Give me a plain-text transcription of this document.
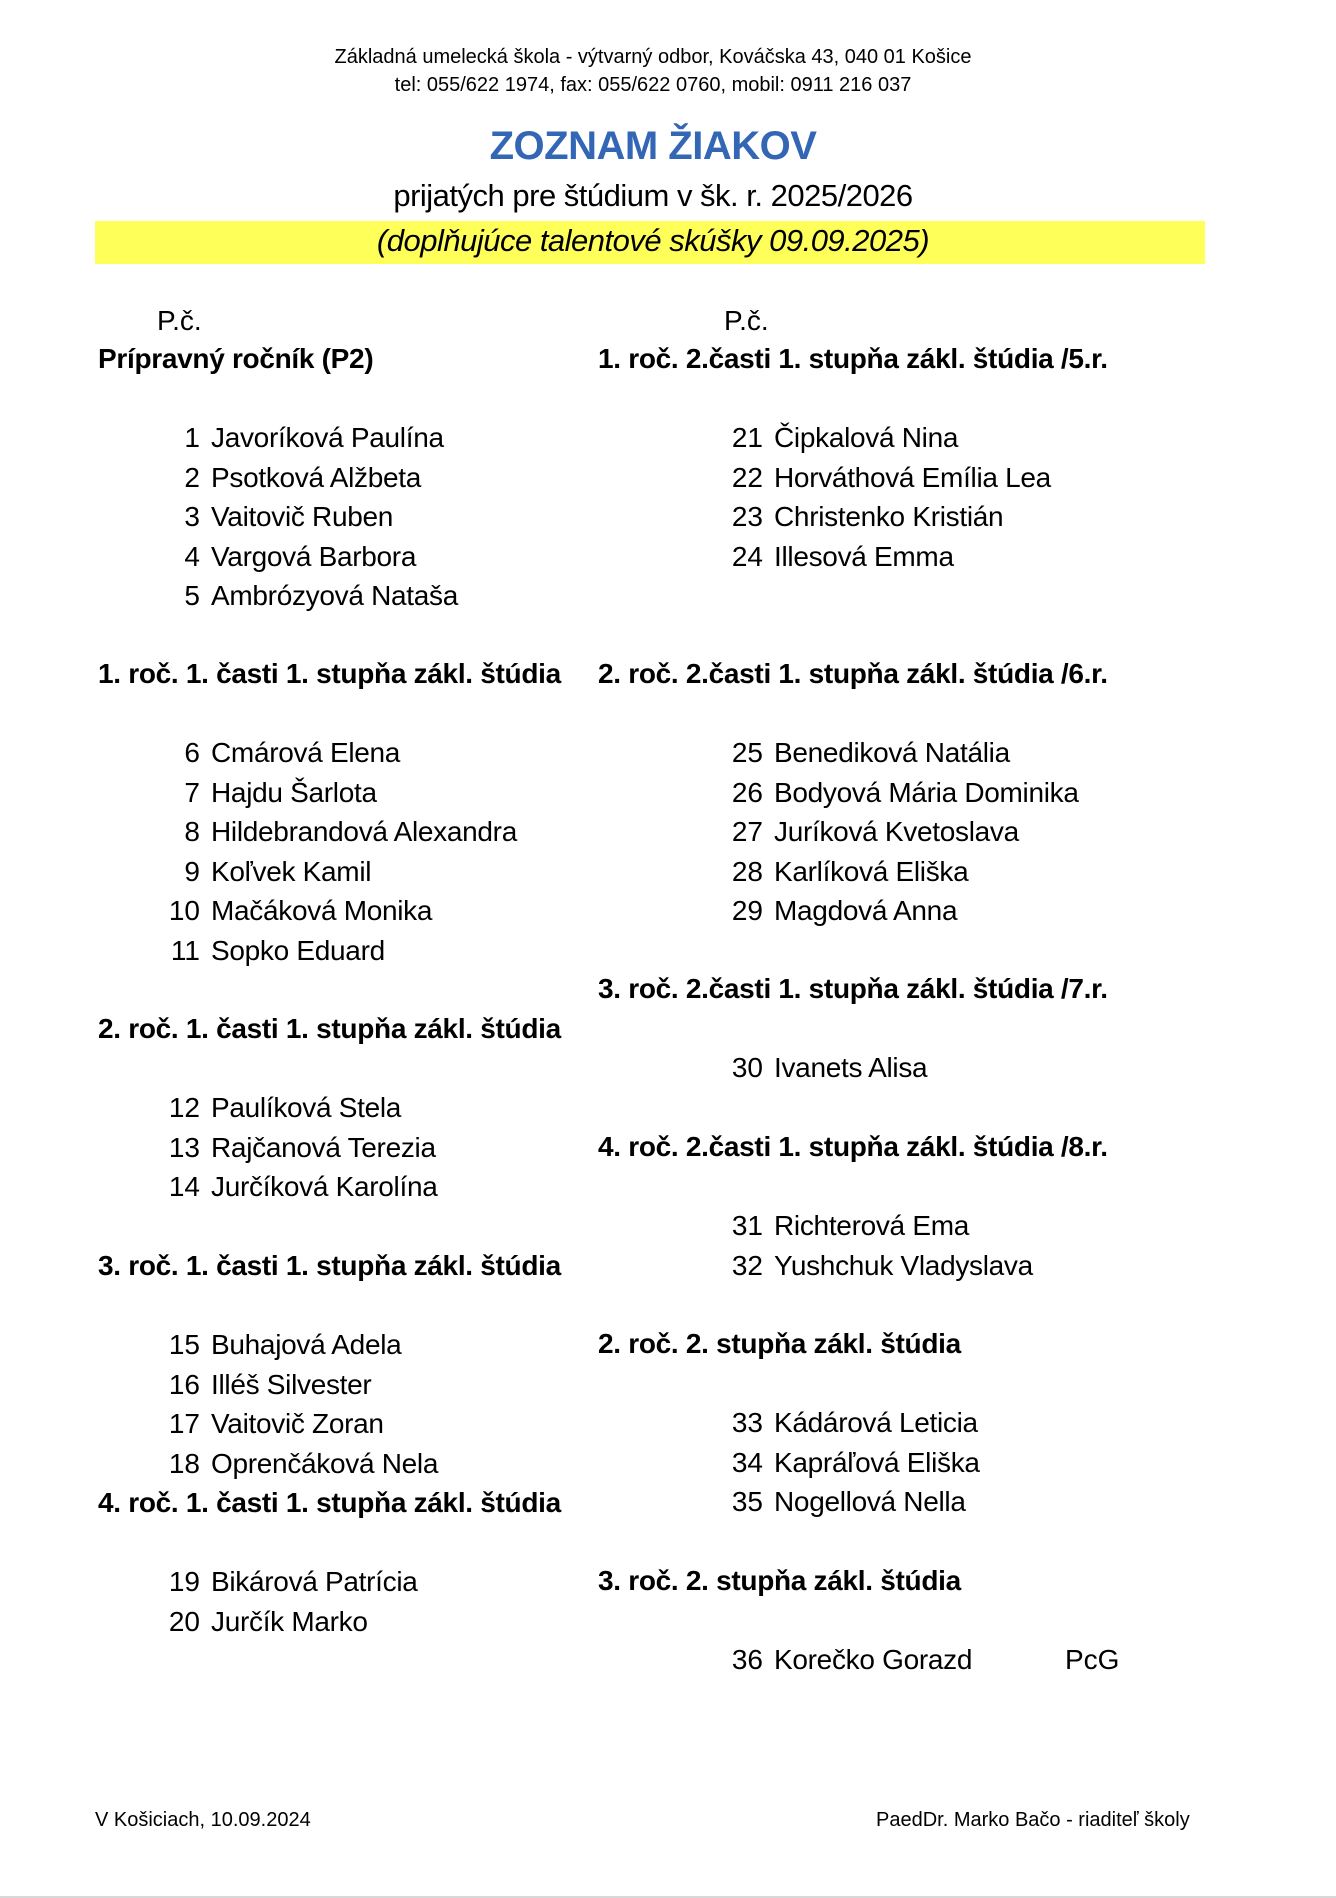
Základná umelecká škola - výtvarný odbor, Kováčska 43, 040 01 Košice
tel: 055/622 1974, fax: 055/622 0760, mobil: 0911 216 037
ZOZNAM ŽIAKOV
prijatých pre štúdium v šk. r. 2025/2026
(doplňujúce talentové skúšky 09.09.2025)
P.č.	P.č.
Prípravný ročník (P2)
1 Javoríková Paulína
2 Psotková Alžbeta
3 Vaitovič Ruben
4 Vargová Barbora
5 Ambrózyová Nataša
1. roč. 1. časti 1. stupňa zákl. štúdia
6 Cmárová Elena
7 Hajdu Šarlota
8 Hildebrandová Alexandra
9 Koľvek Kamil
10 Mačáková Monika
11 Sopko Eduard
2. roč. 1. časti 1. stupňa zákl. štúdia
12 Paulíková Stela
13 Rajčanová Terezia
14 Jurčíková Karolína
3. roč. 1. časti 1. stupňa zákl. štúdia
15 Buhajová Adela
16 Illéš Silvester
17 Vaitovič Zoran
18 Oprenčáková Nela
4. roč. 1. časti 1. stupňa zákl. štúdia
19 Bikárová Patrícia
20 Jurčík Marko
1. roč. 2.časti 1. stupňa zákl. štúdia /5.r.
21 Čipkalová Nina
22 Horváthová Emília Lea
23 Christenko Kristián
24 Illesová Emma
2. roč. 2.časti 1. stupňa zákl. štúdia /6.r.
25 Benediková Natália
26 Bodyová Mária Dominika
27 Juríková Kvetoslava
28 Karlíková Eliška
29 Magdová Anna
3. roč. 2.časti 1. stupňa zákl. štúdia /7.r.
30 Ivanets Alisa
4. roč. 2.časti 1. stupňa zákl. štúdia /8.r.
31 Richterová Ema
32 Yushchuk Vladyslava
2. roč. 2. stupňa zákl. štúdia
33 Kádárová Leticia
34 Kapráľová Eliška
35 Nogellová Nella
3. roč. 2. stupňa zákl. štúdia
36 Korečko Gorazd	PcG
V Košiciach, 10.09.2024	PaedDr. Marko Bačo - riaditeľ školy
